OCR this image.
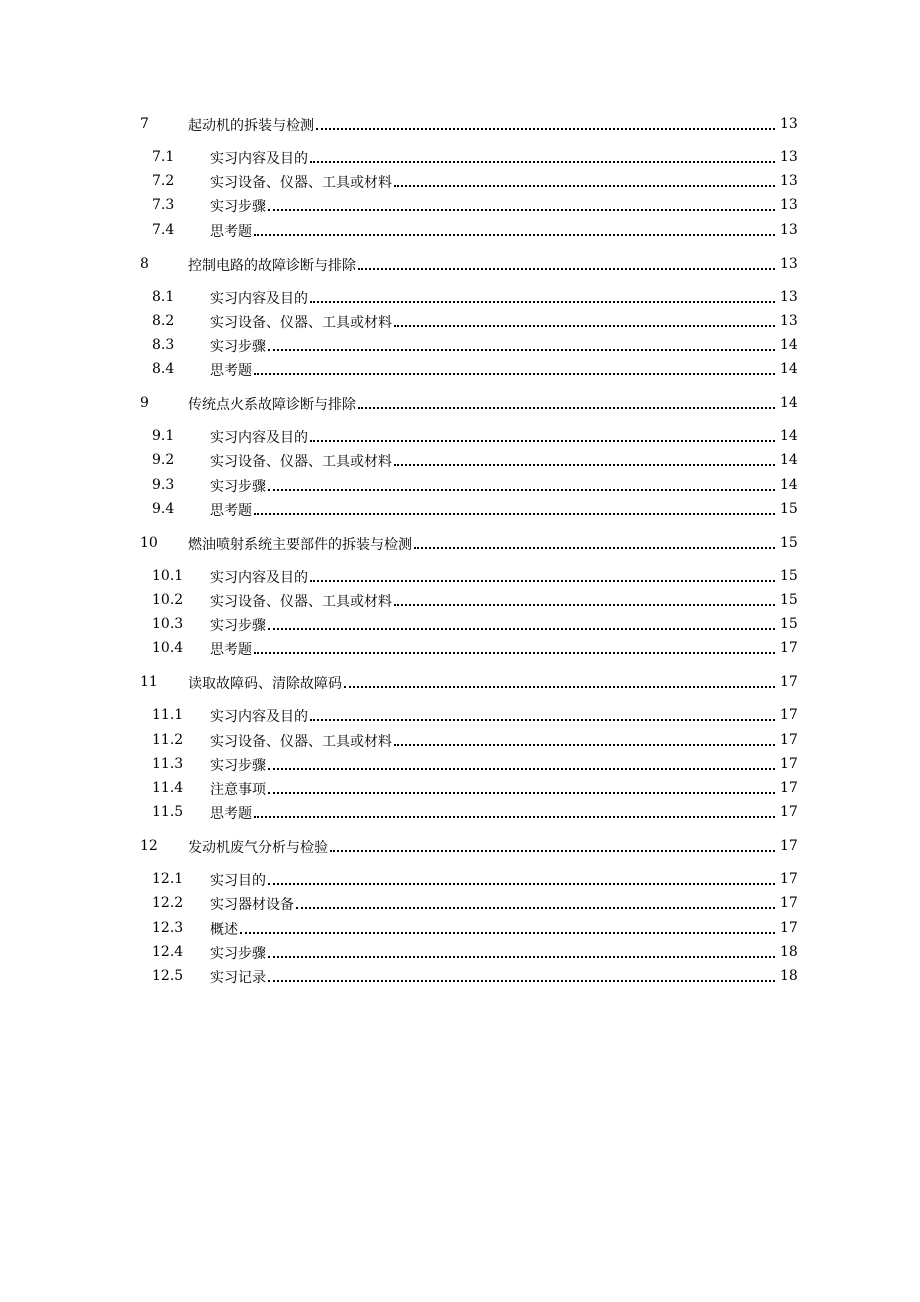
7	起动机的拆装与检测	13
7.1	实习内容及目的	13
7.2	实习设备、仪器、工具或材料	13
7.3	实习步骤	13
7.4	思考题	13
8	控制电路的故障诊断与排除	13
8.1	实习内容及目的	13
8.2	实习设备、仪器、工具或材料	13
8.3	实习步骤	14
8.4	思考题	14
9	传统点火系故障诊断与排除	14
9.1	实习内容及目的	14
9.2	实习设备、仪器、工具或材料	14
9.3	实习步骤	14
9.4	思考题	15
10 燃油喷射系统主要部件的拆装与检测	15
10.1 实习内容及目的	15
10.2 实习设备、仪器、工具或材料	15
10.3 实习步骤	15
10.4 思考题	17
11 读取故障码、清除故障码	17
11.1 实习内容及目的	17
11.2 实习设备、仪器、工具或材料	17
11.3 实习步骤	17
11.4 注意事项	17
11.5 思考题	17
12 发动机废气分析与检验	17
12.1 实习目的	17
12.2 实习器材设备	17
12.3 概述	17
12.4 实习步骤	18
12.5 实习记录	18
